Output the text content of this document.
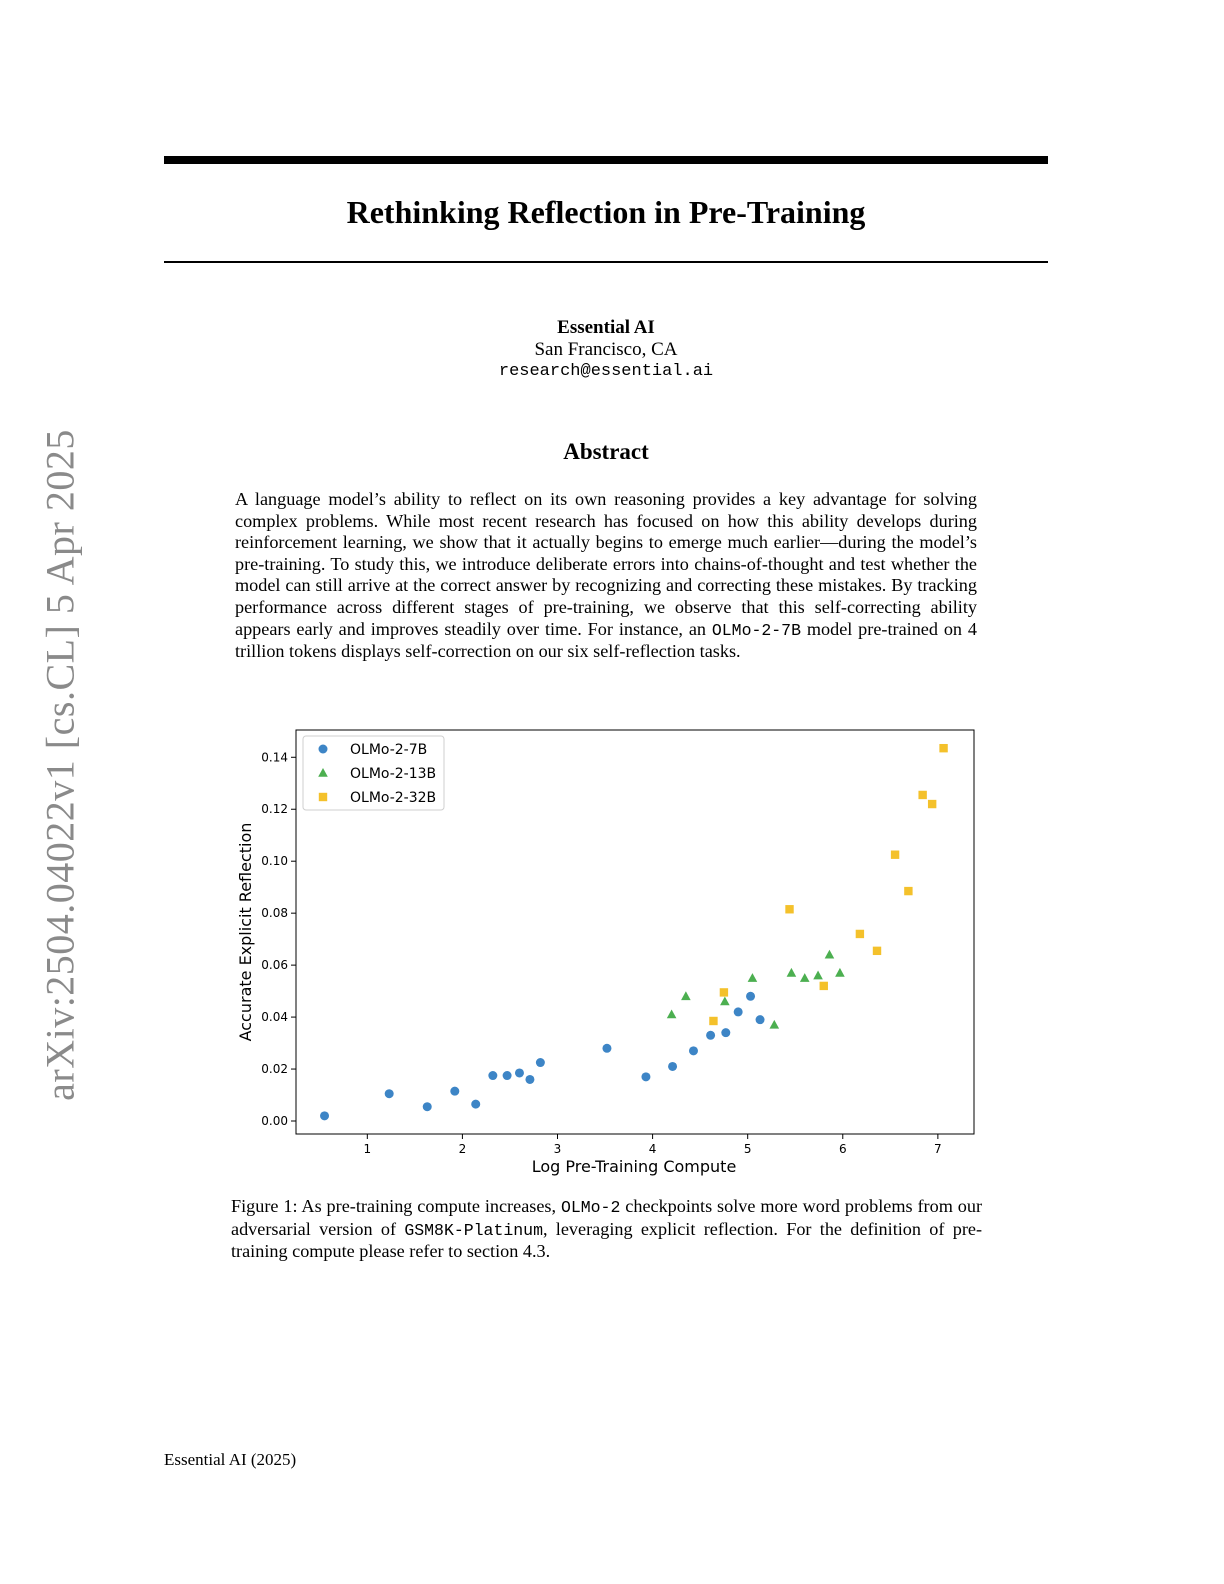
Rethinking Reflection in Pre-Training
Essential AI
San Francisco, CA
research@essential.ai
arXiv:2504.04022v1 [cs.CL] 5 Apr 2025	Abstract

A language model’s ability to reflect on its own reasoning provides a key advantage for solving complex problems. While most recent research has focused on how this ability develops during reinforcement learning, we show that it actually begins to emerge much earlier—during the model’s pre-training. To study this, we introduce deliberate errors into chains-of-thought and test whether the model can still arrive at the correct answer by recognizing and correcting these mistakes. By tracking performance across different stages of pre-training, we observe that this self-correcting ability appears early and improves steadily over time. For instance, an OLMo-2-7B model pre-trained on 4 trillion tokens displays self-correction on our six self-reflection tasks.

1	2	3	4	5	6	7
0.00
0.02
0.04
0.06
0.08
0.10
0.12
0.14
Log Pre-Training Compute
Accurate Explicit Reflection
OLMo-2-7B
OLMo-2-13B
OLMo-2-32B

Figure 1: As pre-training compute increases, OLMo-2 checkpoints solve more word problems from our adversarial version of GSM8K-Platinum, leveraging explicit reflection. For the definition of pre-training compute please refer to section 4.3.

Essential AI (2025)
